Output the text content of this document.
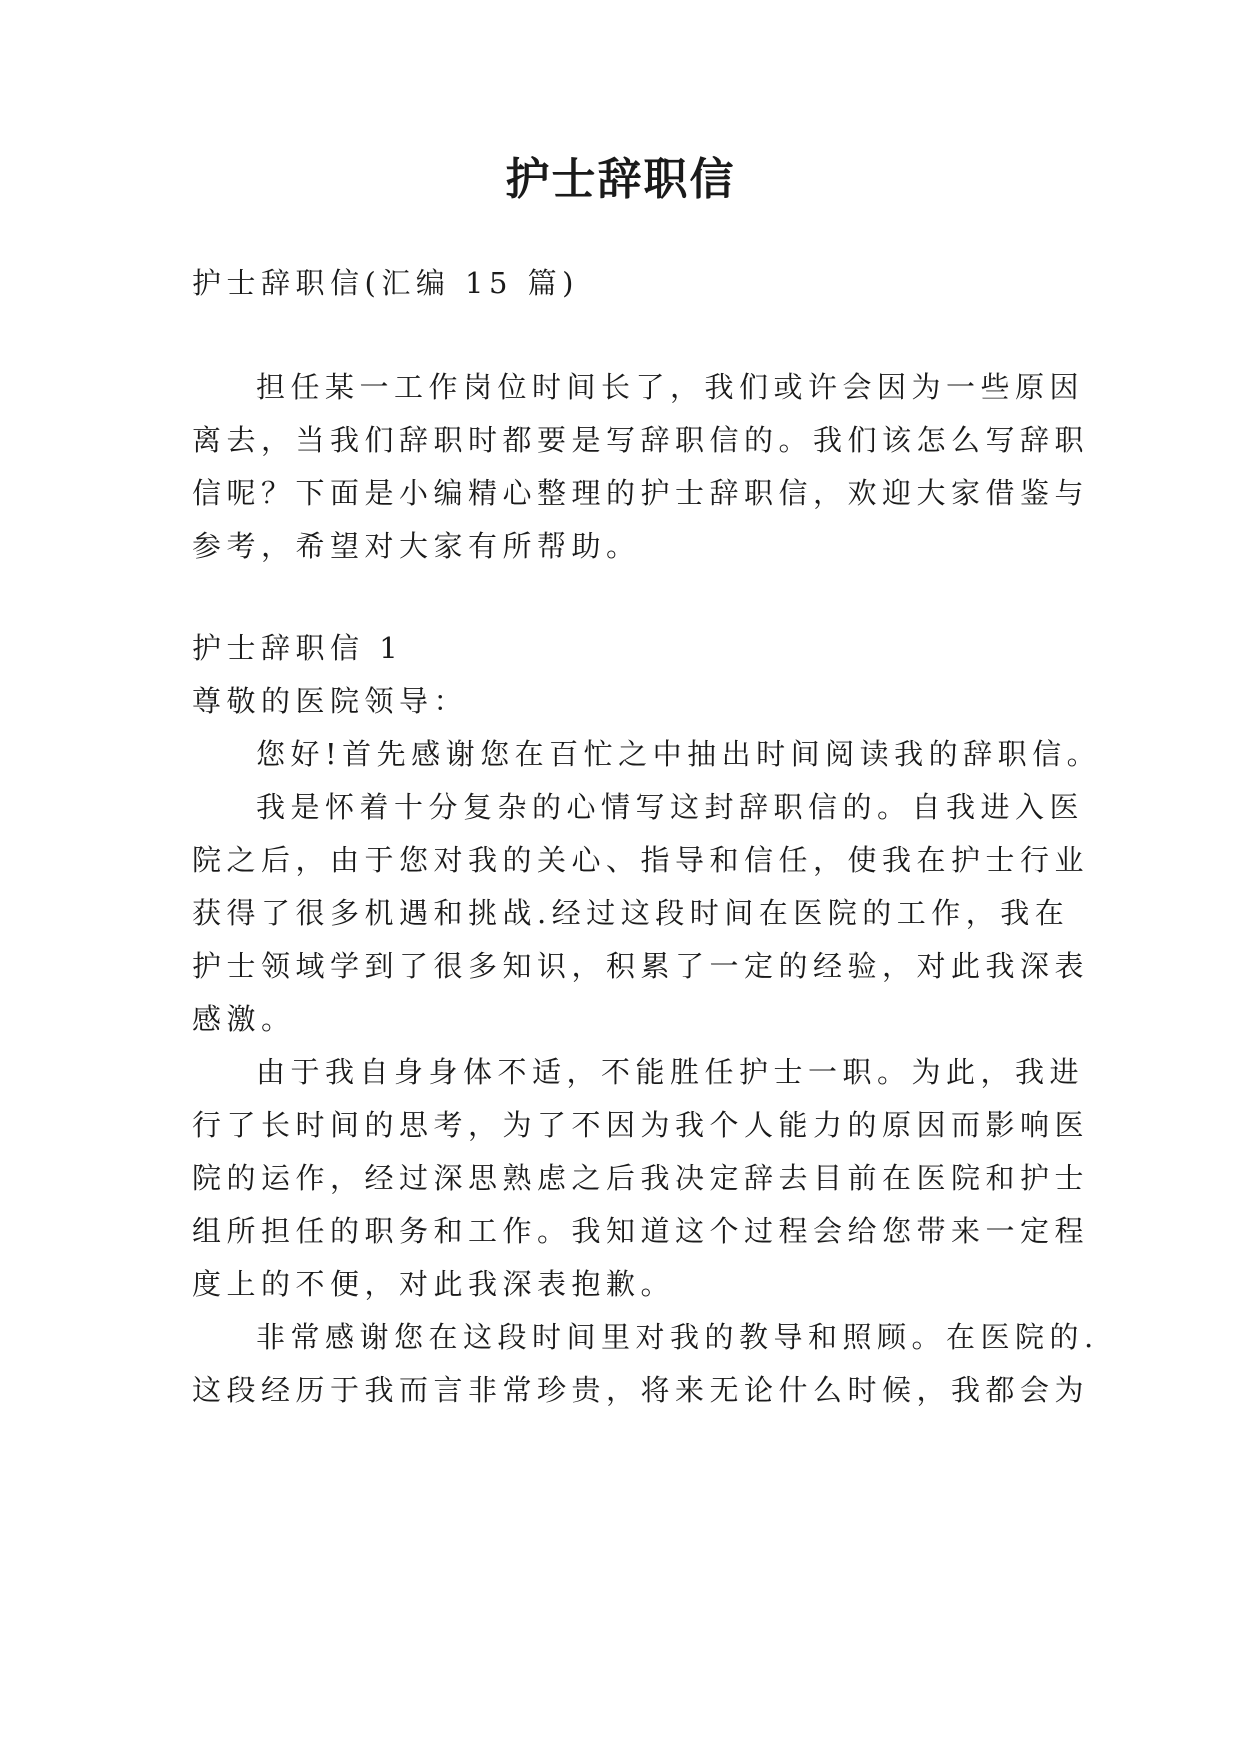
护士辞职信
护士辞职信(汇编 15 篇)
担任某一工作岗位时间长了，我们或许会因为一些原因
离去，当我们辞职时都要是写辞职信的。我们该怎么写辞职
信呢？下面是小编精心整理的护士辞职信，欢迎大家借鉴与
参考，希望对大家有所帮助。
护士辞职信 1
尊敬的医院领导：
您好!首先感谢您在百忙之中抽出时间阅读我的辞职信。
我是怀着十分复杂的心情写这封辞职信的。自我进入医
院之后，由于您对我的关心、指导和信任，使我在护士行业
获得了很多机遇和挑战.经过这段时间在医院的工作，我在
护士领域学到了很多知识，积累了一定的经验，对此我深表
感激。
由于我自身身体不适，不能胜任护士一职。为此，我进
行了长时间的思考，为了不因为我个人能力的原因而影响医
院的运作，经过深思熟虑之后我决定辞去目前在医院和护士
组所担任的职务和工作。我知道这个过程会给您带来一定程
度上的不便，对此我深表抱歉。
非常感谢您在这段时间里对我的教导和照顾。在医院的.
这段经历于我而言非常珍贵，将来无论什么时候，我都会为
